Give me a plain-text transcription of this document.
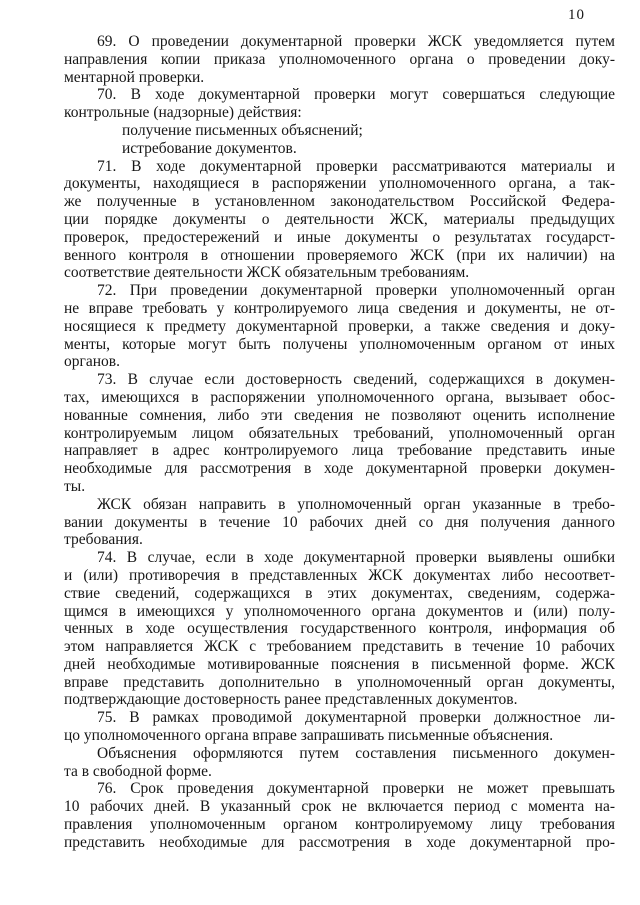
10
69. О проведении документарной проверки ЖСК уведомляется путем
направления копии приказа уполномоченного органа о проведении доку-
ментарной проверки.
70. В ходе документарной проверки могут совершаться следующие
контрольные (надзорные) действия:
получение письменных объяснений;
истребование документов.
71. В ходе документарной проверки рассматриваются материалы и
документы, находящиеся в распоряжении уполномоченного органа, а так-
же полученные в установленном законодательством Российской Федера-
ции порядке документы о деятельности ЖСК, материалы предыдущих
проверок, предостережений и иные документы о результатах государст-
венного контроля в отношении проверяемого ЖСК (при их наличии) на
соответствие деятельности ЖСК обязательным требованиям.
72. При проведении документарной проверки уполномоченный орган
не вправе требовать у контролируемого лица сведения и документы, не от-
носящиеся к предмету документарной проверки, а также сведения и доку-
менты, которые могут быть получены уполномоченным органом от иных
органов.
73. В случае если достоверность сведений, содержащихся в докумен-
тах, имеющихся в распоряжении уполномоченного органа, вызывает обос-
нованные сомнения, либо эти сведения не позволяют оценить исполнение
контролируемым лицом обязательных требований, уполномоченный орган
направляет в адрес контролируемого лица требование представить иные
необходимые для рассмотрения в ходе документарной проверки докумен-
ты.
ЖСК обязан направить в уполномоченный орган указанные в требо-
вании документы в течение 10 рабочих дней со дня получения данного
требования.
74. В случае, если в ходе документарной проверки выявлены ошибки
и (или) противоречия в представленных ЖСК документах либо несоответ-
ствие сведений, содержащихся в этих документах, сведениям, содержа-
щимся в имеющихся у уполномоченного органа документов и (или) полу-
ченных в ходе осуществления государственного контроля, информация об
этом направляется ЖСК с требованием представить в течение 10 рабочих
дней необходимые мотивированные пояснения в письменной форме. ЖСК
вправе представить дополнительно в уполномоченный орган документы,
подтверждающие достоверность ранее представленных документов.
75. В рамках проводимой документарной проверки должностное ли-
цо уполномоченного органа вправе запрашивать письменные объяснения.
Объяснения оформляются путем составления письменного докумен-
та в свободной форме.
76. Срок проведения документарной проверки не может превышать
10 рабочих дней. В указанный срок не включается период с момента на-
правления уполномоченным органом контролируемому лицу требования
представить необходимые для рассмотрения в ходе документарной про-
